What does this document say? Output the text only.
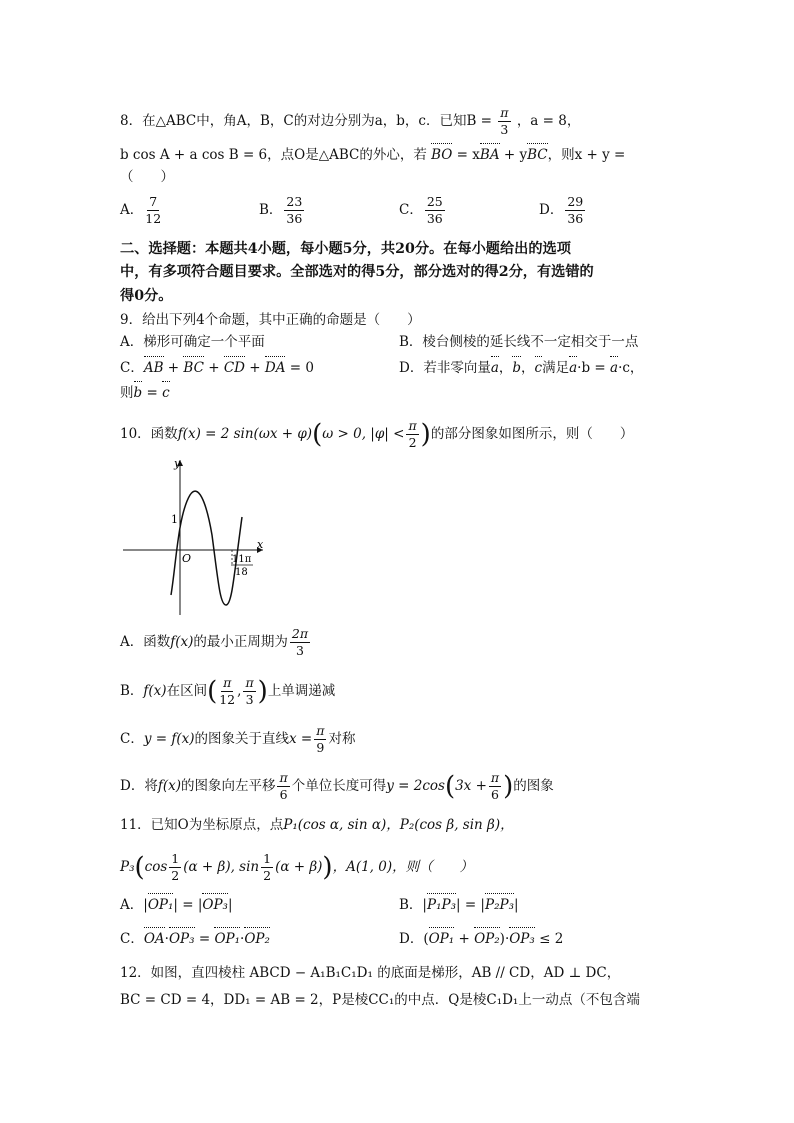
8．在△ABC中，角A，B，C的对边分别为a，b，c．已知$B = \frac{\pi}{3}$ ，a = 8，
b cos A + a cos B = 6，点O是△ABC的外心，若 BO = xBA + yBC，则x + y =
（　　）
A． $\frac{7}{12}$	B． $\frac{23}{36}$	C． $\frac{25}{36}$	D． $\frac{29}{36}$
二、选择题：本题共4小题，每小题5分，共20分。在每小题给出的选项
中，有多项符合题目要求。全部选对的得5分，部分选对的得2分，有选错的
得0分。
9．给出下列4个命题，其中正确的命题是（　　）
A．梯形可确定一个平面	B．棱台侧棱的延长线不一定相交于一点
C．AB + BC + CD + DA = 0	D．若非零向量a，b，c满足a·b = a·c，
则b = c
10．函数f(x) = 2 sin(ωx + φ)(ω > 0, $|\varphi| < \frac{\pi}{2}$ )的部分图象如图所示，则（　　）
y
x
O
1
11π
18
A．函数f(x)的最小正周期为 $\frac{2\pi}{3}$
B．f(x)在区间( $\frac{\pi}{12}$ , $\frac{\pi}{3}$ )上单调递减
C．y = f(x)的图象关于直线$x = \frac{\pi}{9}$ 对称
D．将f(x)的图象向左平移 $\frac{\pi}{6}$ 个单位长度可得$y = 2\cos(3x + \frac{\pi}{6}$ )的图象
11．已知O为坐标原点，点P₁(cos α, sin α)，P₂(cos β, sin β)，
$P_3(\cos \frac{1}{2} (\alpha + \beta)$, $\sin \frac{1}{2} (\alpha + \beta)$)，A(1, 0)，则（　　）
A．|OP₁| = |OP₃|	B．|P₁P₃| = |P₂P₃|
C．OA·OP₃ = OP₁·OP₂	D．(OP₁ + OP₂)·OP₃ ≤ 2
12．如图，直四棱柱 ABCD − A₁B₁C₁D₁ 的底面是梯形，AB // CD，AD ⊥ DC，
BC = CD = 4，DD₁ = AB = 2，P是棱CC₁的中点．Q是棱C₁D₁上一动点（不包含端
